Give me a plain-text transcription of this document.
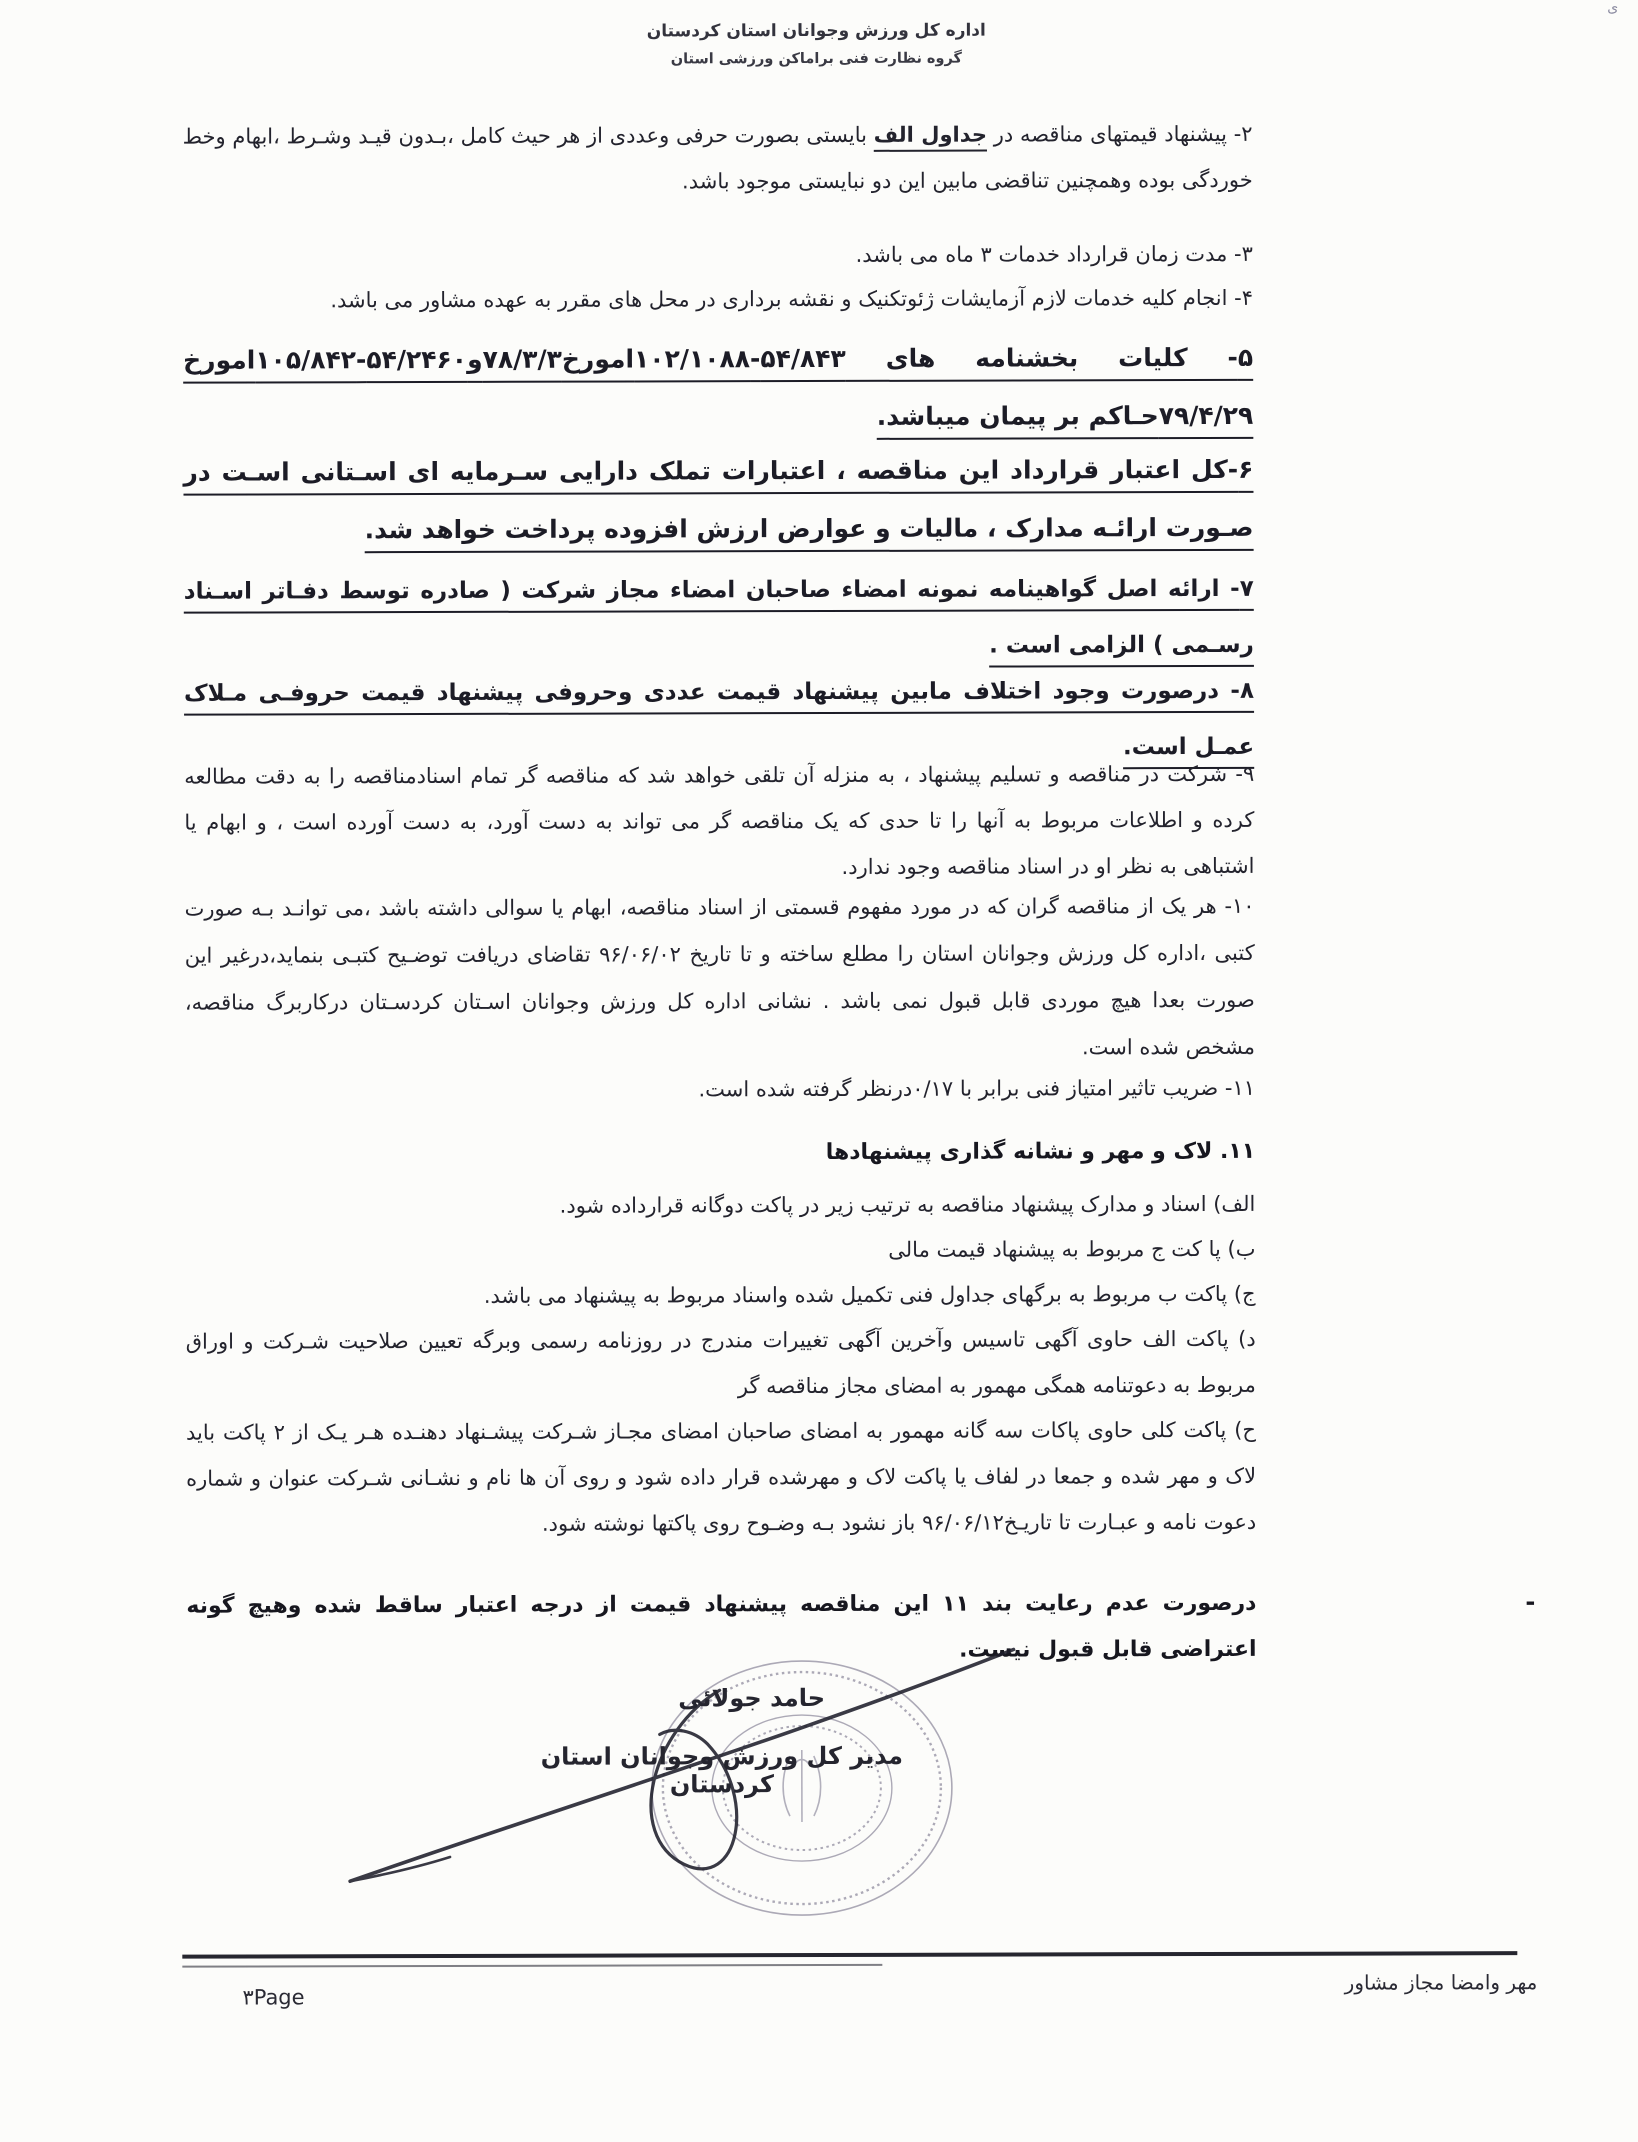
اداره کل ورزش وجوانان استان کردستان
گروه نظارت فنی براماکن ورزشی استان
ى
۲- پیشنهاد قیمتهای مناقصه در جداول الف بایستی بصورت حرفی وعددی از هر حیث کامل ،بـدون قیـد وشـرط ،ابهام وخط خوردگی بوده وهمچنین تناقضی مابین این دو نبایستی موجود باشد.
۳- مدت زمان قرارداد خدمات ۳ ماه می باشد.
۴- انجام کلیه خدمات لازم آزمایشات ژئوتکنیک و نقشه برداری در محل های مقرر به عهده مشاور می باشد.
۵- کلیات بخشنامه های ۵۴/۸۴۳-۱۰۲/۱۰۸۸امورخ۷۸/۳/۳و۵۴/۲۴۶۰-۱۰۵/۸۴۲امورخ ۷۹/۴/۲۹حـاکم بر پیمان میباشد.
۶-کل اعتبار قرارداد این مناقصه ، اعتبارات تملک دارایی سـرمایه ای اسـتانی اسـت در صـورت ارائـه مدارک ، مالیات و عوارض ارزش افزوده پرداخت خواهد شد.
۷- ارائه اصل گواهینامه نمونه امضاء صاحبان امضاء مجاز شرکت ( صادره توسط دفـاتر اسـناد رسـمی ) الزامی است .
۸- درصورت وجود اختلاف مابین پیشنهاد قیمت عددی وحروفی پیشنهاد قیمت حروفـی مـلاک عمـل است.
۹- شرکت در مناقصه و تسلیم پیشنهاد ، به منزله آن تلقی خواهد شد که مناقصه گر تمام اسنادمناقصه را به دقت مطالعه کرده و اطلاعات مربوط به آنها را تا حدی که یک مناقصه گر می تواند به دست آورد، به دست آورده است ، و ابهام یا اشتباهی به نظر او در اسناد مناقصه وجود ندارد.
۱۰- هر یک از مناقصه گران که در مورد مفهوم قسمتی از اسناد مناقصه، ابهام یا سوالی داشته باشد ،می توانـد بـه صورت کتبی ،اداره کل ورزش وجوانان استان را مطلع ساخته و تا تاریخ ۹۶/۰۶/۰۲ تقاضای دریافت توضـیح کتبـی بنماید،درغیر این صورت بعدا هیچ موردی قابل قبول نمی باشد . نشانی اداره کل ورزش وجوانان اسـتان کردسـتان درکاربرگ مناقصه، مشخص شده است.
۱۱- ضریب تاثیر امتیاز فنی برابر با ۰/۱۷درنظر گرفته شده است.
۱۱. لاک و مهر و نشانه گذاری پیشنهادها
الف) اسناد و مدارک پیشنهاد مناقصه به ترتیب زیر در پاکت دوگانه قرارداده شود.
ب) پا کت ج مربوط به پیشنهاد قیمت مالی
ج) پاکت ب مربوط به برگهای جداول فنی تکمیل شده واسناد مربوط به پیشنهاد می باشد.
د) پاکت الف حاوی آگهی تاسیس وآخرین آگهی تغییرات مندرج در روزنامه رسمی وبرگه تعیین صلاحیت شـرکت و اوراق مربوط به دعوتنامه همگی مهمور به امضای مجاز مناقصه گر
ح) پاکت کلی حاوی پاکات سه گانه مهمور به امضای صاحبان امضای مجـاز شـرکت پیشـنهاد دهنـده هـر یـک از ۲ پاکت باید لاک و مهر شده و جمعا در لفاف یا پاکت لاک و مهرشده قرار داده شود و روی آن ها نام و نشـانی شـرکت عنوان و شماره دعوت نامه و عبـارت تا تاریـخ۹۶/۰۶/۱۲ باز نشود بـه وضـوح روی پاکتها نوشته شود.
-
درصورت عدم رعایت بند ۱۱ این مناقصه پیشنهاد قیمت از درجه اعتبار ساقط شده وهیچ گونه اعتراضی قابل قبول نیست.
حامد جولائی
مدیر کل ورزش وجوانان استان کردستان
مهر وامضا مجاز مشاور
۳Page
